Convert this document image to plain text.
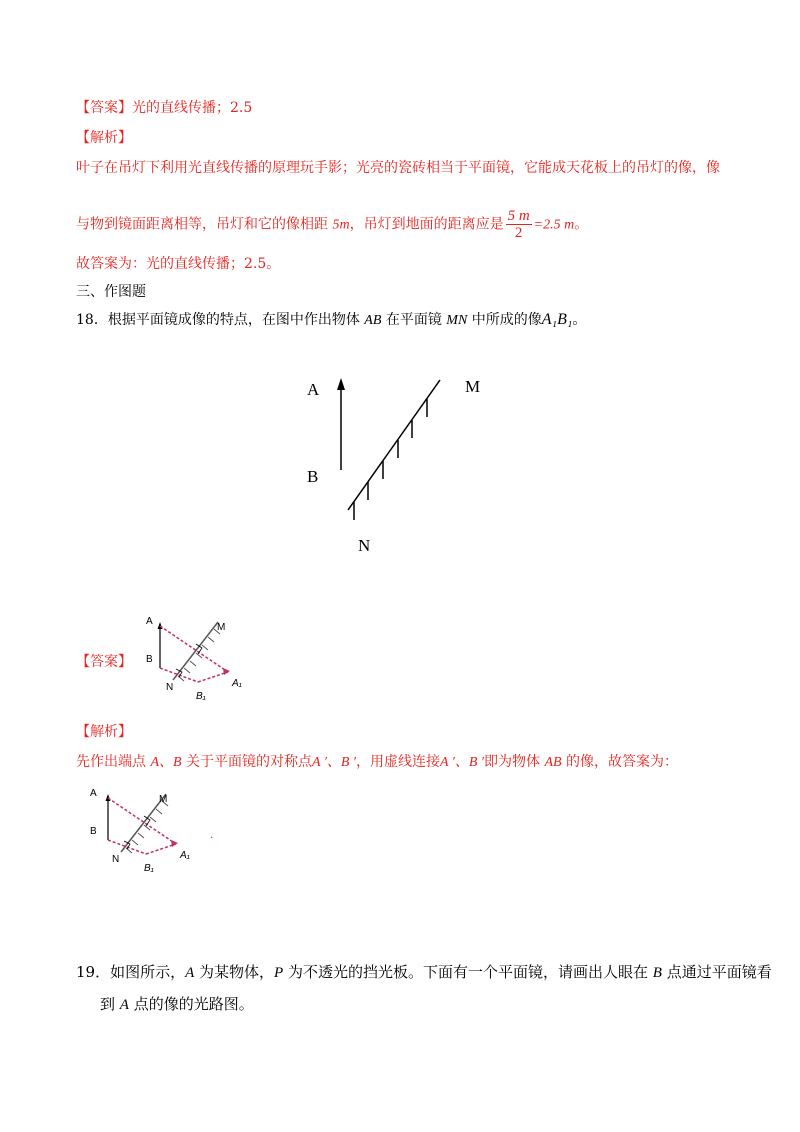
【答案】光的直线传播；2.5
【解析】
叶子在吊灯下利用光直线传播的原理玩手影；光亮的瓷砖相当于平面镜，它能成天花板上的吊灯的像，像
与物到镜面距离相等，吊灯和它的像相距 5m，吊灯到地面的距离应是 $\frac{5 m}{2} =2.5$ m。
故答案为：光的直线传播；2.5。
三、作图题
18．根据平面镜成像的特点，在图中作出物体 AB 在平面镜 MN 中所成的像A₁B₁。
A
B
M
N
【答案】
A
B
M
N	A₁
B₁
【解析】
先作出端点 A、B 关于平面镜的对称点A ′、B ′，用虚线连接A ′、B ′即为物体 AB 的像，故答案为：
A
B
M
N	A₁
B₁
.
19．如图所示，A 为某物体，P 为不透光的挡光板。下面有一个平面镜，请画出人眼在 B 点通过平面镜看
到 A 点的像的光路图。
